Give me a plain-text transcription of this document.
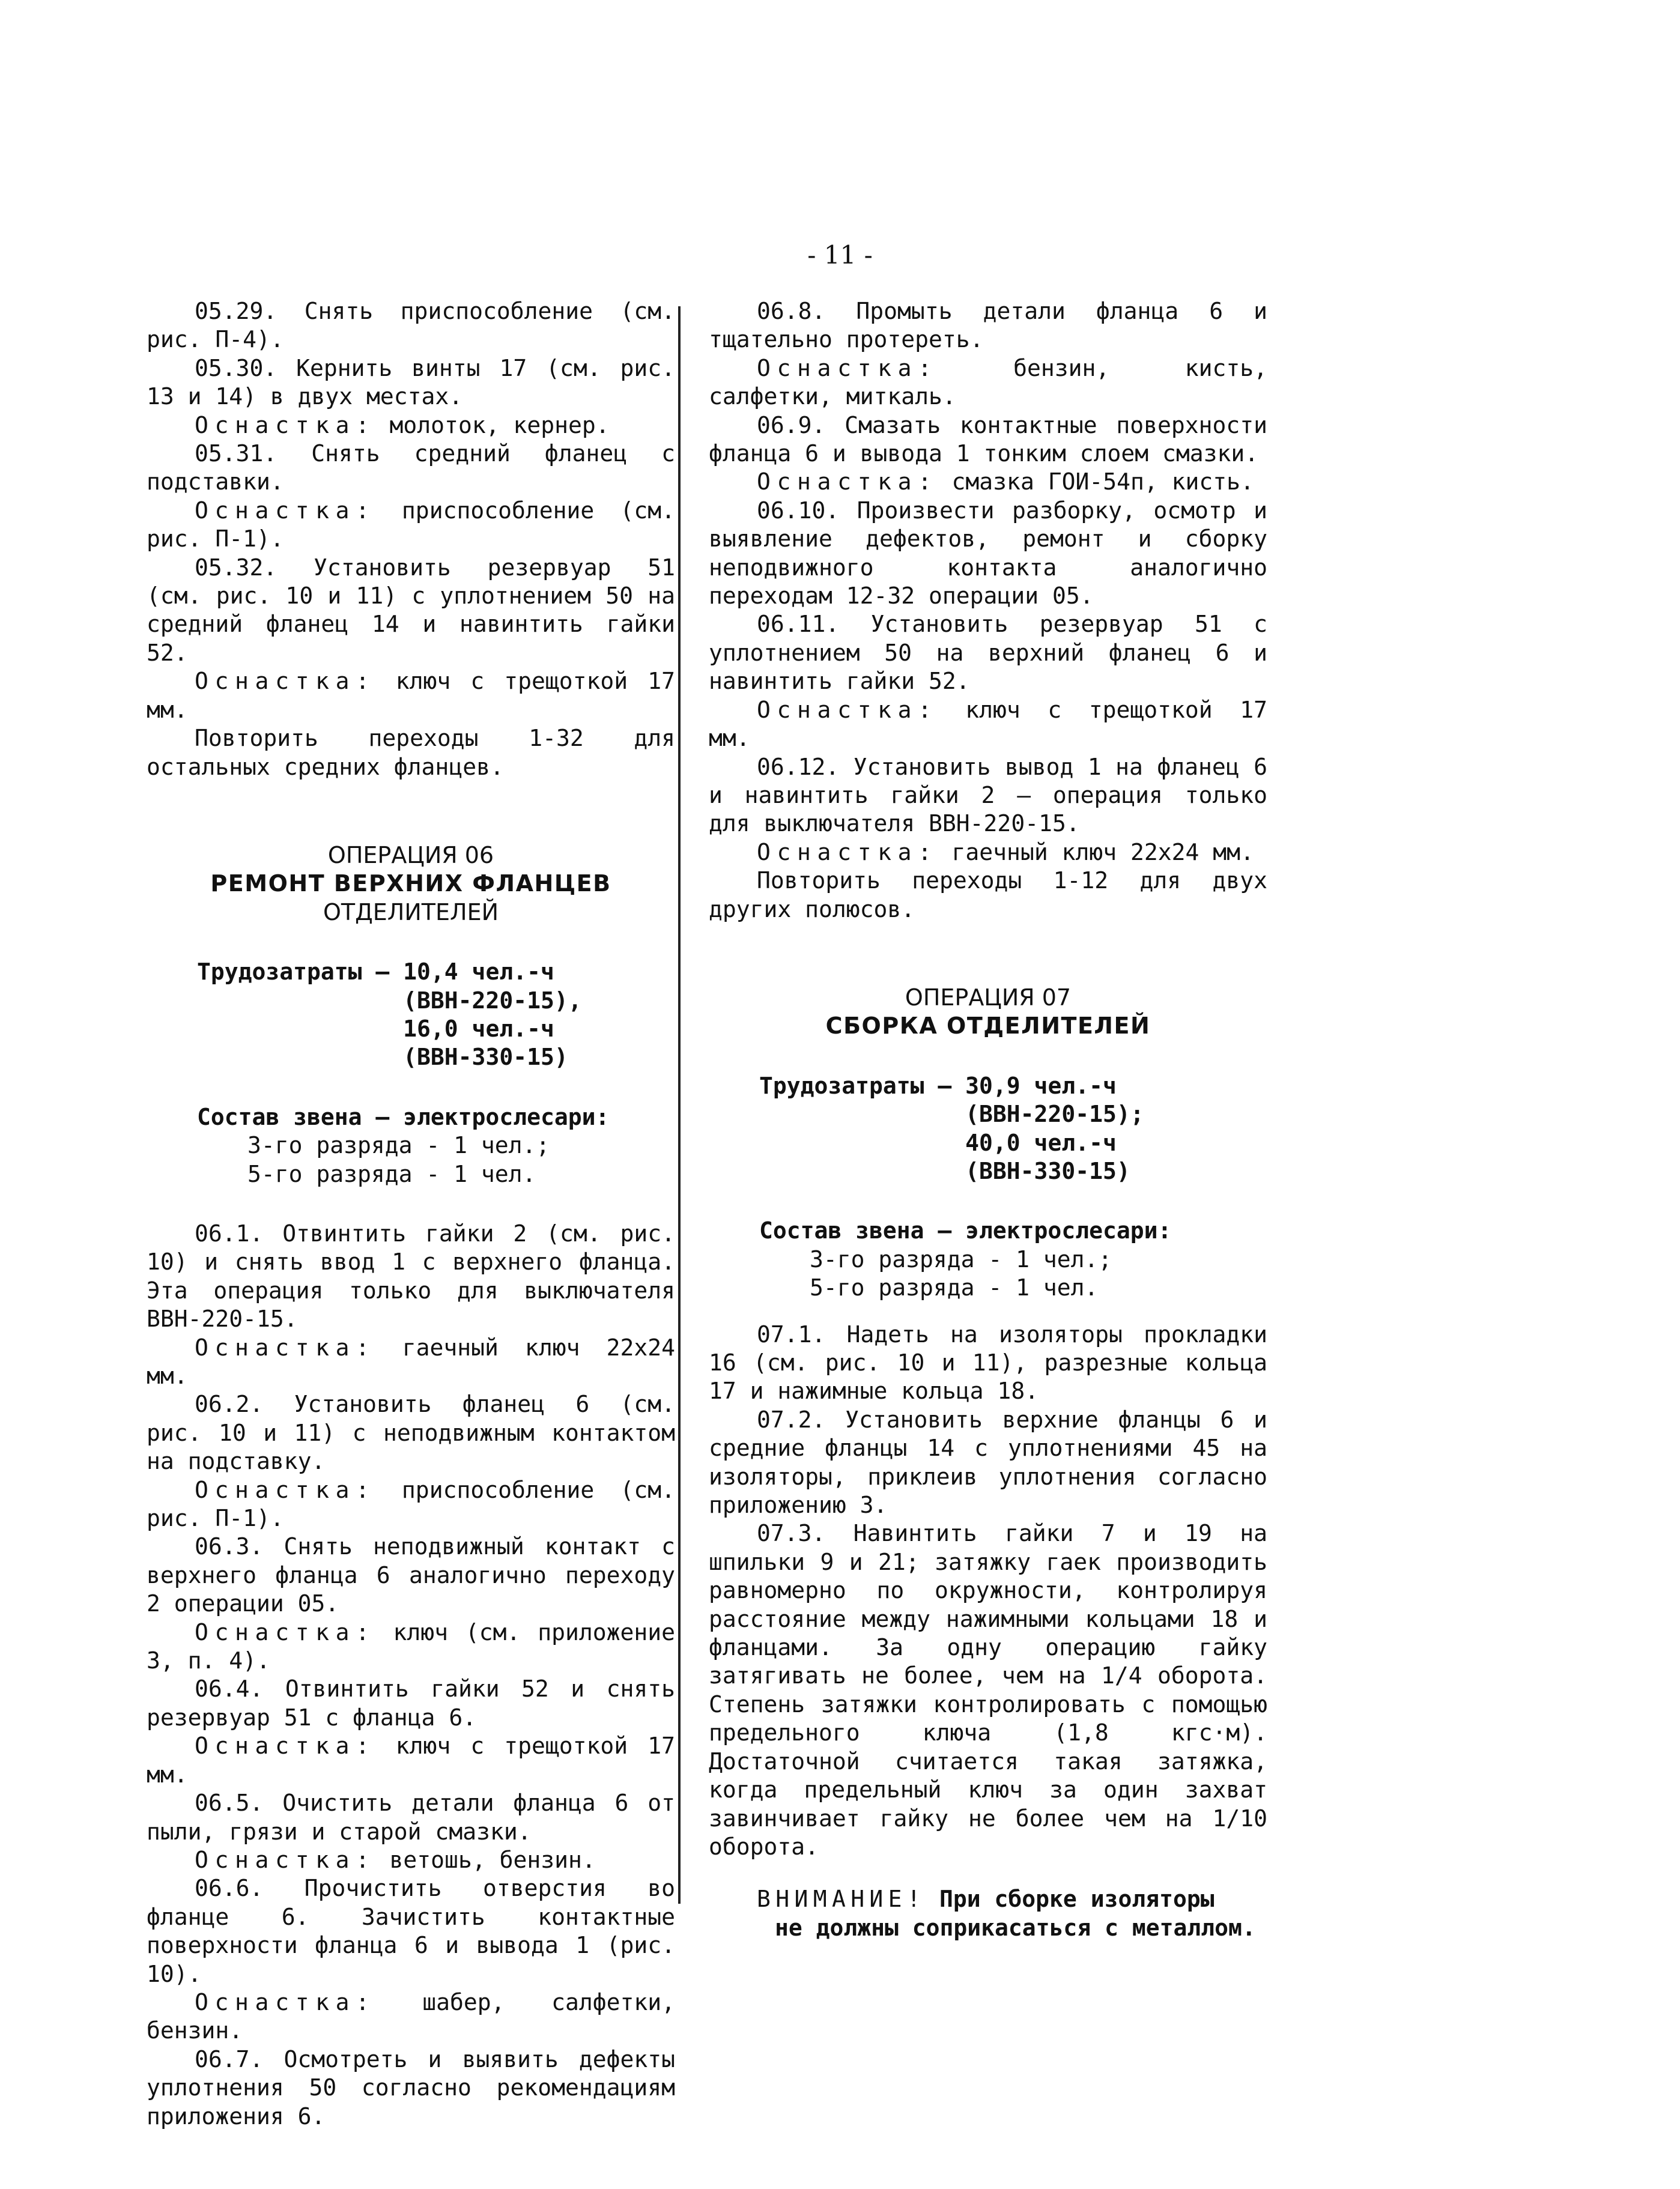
- 11 -

05.29. Снять приспособление (см. рис. П-4).

05.30. Кернить винты 17 (см. рис. 13 и 14) в двух местах.

Оснастка: молоток, кернер.

05.31. Снять средний фланец с подставки.

Оснастка: приспособление (см. рис. П-1).

05.32. Установить резервуар 51 (см. рис. 10 и 11) с уплотнением 50 на средний фланец 14 и навинтить гайки 52.

Оснастка: ключ с трещоткой 17 мм.

Повторить переходы 1-32 для остальных средних фланцев.

ОПЕРАЦИЯ 06

РЕМОНТ ВЕРХНИХ ФЛАНЦЕВ

ОТДЕЛИТЕЛЕЙ

Трудозатраты — 10,4 чел.-ч
(ВВН-220-15),
16,0 чел.-ч
(ВВН-330-15)
Состав звена — электрослесари:
3-го разряда - 1 чел.;
5-го разряда - 1 чел.

06.1. Отвинтить гайки 2 (см. рис. 10) и снять ввод 1 с верхнего фланца. Эта операция только для выключателя ВВН-220-15.

Оснастка: гаечный ключ 22х24 мм.

06.2. Установить фланец 6 (см. рис. 10 и 11) с неподвижным контактом на подставку.

Оснастка: приспособление (см. рис. П-1).

06.3. Снять неподвижный контакт с верхнего фланца 6 аналогично переходу 2 операции 05.

Оснастка: ключ (см. приложение 3, п. 4).

06.4. Отвинтить гайки 52 и снять резервуар 51 с фланца 6.

Оснастка: ключ с трещоткой 17 мм.

06.5. Очистить детали фланца 6 от пыли, грязи и старой смазки.

Оснастка: ветошь, бензин.

06.6. Прочистить отверстия во фланце 6. Зачистить контактные поверхности фланца 6 и вывода 1 (рис. 10).

Оснастка: шабер, салфетки, бензин.

06.7. Осмотреть и выявить дефекты уплотнения 50 согласно рекомендациям приложения 6.

06.8. Промыть детали фланца 6 и тщательно протереть.

Оснастка: бензин, кисть, салфетки, миткаль.

06.9. Смазать контактные поверхности фланца 6 и вывода 1 тонким слоем смазки.

Оснастка: смазка ГОИ-54п, кисть.

06.10. Произвести разборку, осмотр и выявление дефектов, ремонт и сборку неподвижного контакта аналогично переходам 12-32 операции 05.

06.11. Установить резервуар 51 с уплотнением 50 на верхний фланец 6 и навинтить гайки 52.

Оснастка: ключ с трещоткой 17 мм.

06.12. Установить вывод 1 на фланец 6 и навинтить гайки 2 — операция только для выключателя ВВН-220-15.

Оснастка: гаечный ключ 22х24 мм.

Повторить переходы 1-12 для двух других полюсов.

ОПЕРАЦИЯ 07

СБОРКА ОТДЕЛИТЕЛЕЙ

Трудозатраты — 30,9 чел.-ч
(ВВН-220-15);
40,0 чел.-ч
(ВВН-330-15)
Состав звена — электрослесари:
3-го разряда - 1 чел.;
5-го разряда - 1 чел.

07.1. Надеть на изоляторы прокладки 16 (см. рис. 10 и 11), разрезные кольца 17 и нажимные кольца 18.

07.2. Установить верхние фланцы 6 и средние фланцы 14 с уплотнениями 45 на изоляторы, приклеив уплотнения согласно приложению 3.

07.3. Навинтить гайки 7 и 19 на шпильки 9 и 21; затяжку гаек производить равномерно по окружности, контролируя расстояние между нажимными кольцами 18 и фланцами. За одну операцию гайку затягивать не более, чем на 1/4 оборота. Степень затяжки контролировать с помощью предельного ключа (1,8 кгс·м). Достаточной считается такая затяжка, когда предельный ключ за один захват завинчивает гайку не более чем на 1/10 оборота.

ВНИМАНИЕ! При сборке изоляторы
не должны соприкасаться с металлом.
